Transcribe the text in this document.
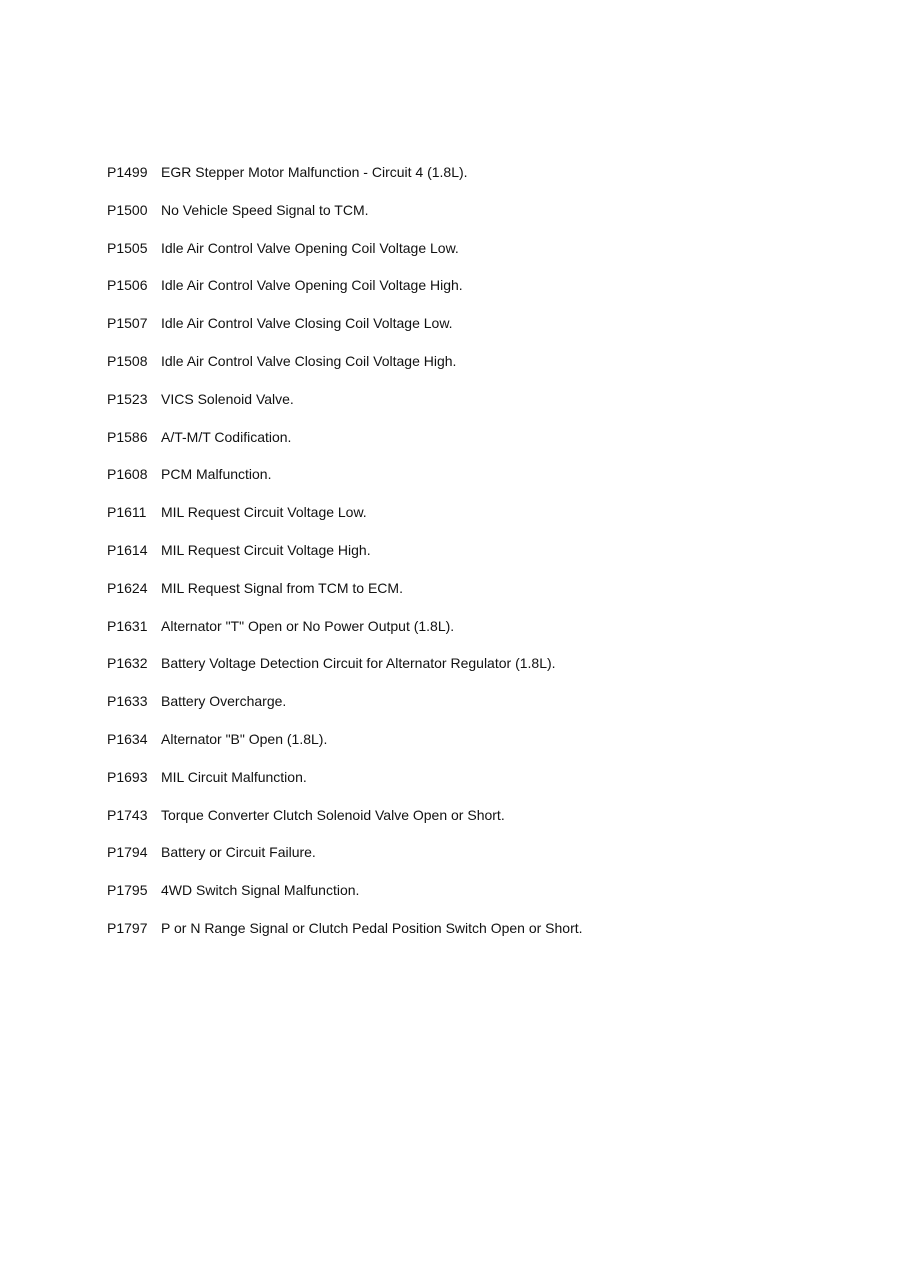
P1499 EGR Stepper Motor Malfunction - Circuit 4 (1.8L).
P1500 No Vehicle Speed Signal to TCM.
P1505 Idle Air Control Valve Opening Coil Voltage Low.
P1506 Idle Air Control Valve Opening Coil Voltage High.
P1507 Idle Air Control Valve Closing Coil Voltage Low.
P1508 Idle Air Control Valve Closing Coil Voltage High.
P1523 VICS Solenoid Valve.
P1586 A/T-M/T Codification.
P1608 PCM Malfunction.
P1611	MIL Request Circuit Voltage Low.
P1614 MIL Request Circuit Voltage High.
P1624 MIL Request Signal from TCM to ECM.
P1631 Alternator "T" Open or No Power Output (1.8L).
P1632 Battery Voltage Detection Circuit for Alternator Regulator (1.8L).
P1633 Battery Overcharge.
P1634 Alternator "B" Open (1.8L).
P1693 MIL Circuit Malfunction.
P1743 Torque Converter Clutch Solenoid Valve Open or Short.
P1794 Battery or Circuit Failure.
P1795 4WD Switch Signal Malfunction.
P1797 P or N Range Signal or Clutch Pedal Position Switch Open or Short.
